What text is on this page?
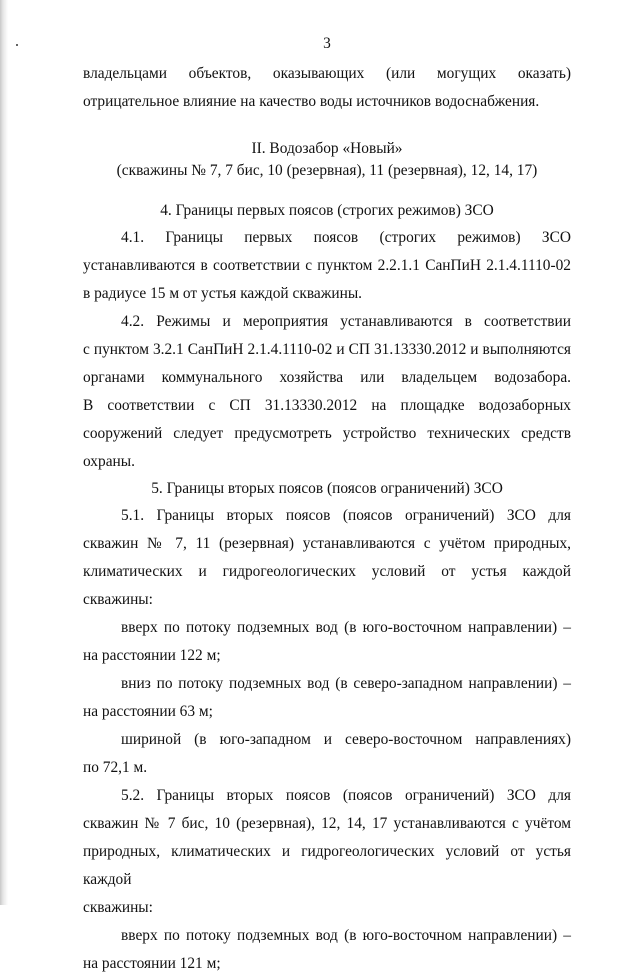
3

владельцами объектов, оказывающих (или могущих оказать)

отрицательное влияние на качество воды источников водоснабжения.

II. Водозабор «Новый»
(скважины № 7, 7 бис, 10 (резервная), 11 (резервная), 12, 14, 17)

4. Границы первых поясов (строгих режимов) ЗСО

4.1. Границы первых поясов (строгих режимов) ЗСО

устанавливаются в соответствии с пунктом 2.2.1.1 СанПиН 2.1.4.1110-02

в радиусе 15 м от устья каждой скважины.

4.2. Режимы и мероприятия устанавливаются в соответствии

с пунктом 3.2.1 СанПиН 2.1.4.1110-02 и СП 31.13330.2012 и выполняются

органами коммунального хозяйства или владельцем водозабора.

В соответствии с СП 31.13330.2012 на площадке водозаборных

сооружений следует предусмотреть устройство технических средств охраны.

5. Границы вторых поясов (поясов ограничений) ЗСО

5.1. Границы вторых поясов (поясов ограничений) ЗСО для

скважин № 7, 11 (резервная) устанавливаются с учётом природных,

климатических и гидрогеологических условий от устья каждой скважины:

вверх по потоку подземных вод (в юго-восточном направлении) –

на расстоянии 122 м;

вниз по потоку подземных вод (в северо-западном направлении) –

на расстоянии 63 м;

шириной (в юго-западном и северо-восточном направлениях)

по 72,1 м.

5.2. Границы вторых поясов (поясов ограничений) ЗСО для

скважин № 7 бис, 10 (резервная), 12, 14, 17 устанавливаются с учётом

природных, климатических и гидрогеологических условий от устья каждой

скважины:

вверх по потоку подземных вод (в юго-восточном направлении) –

на расстоянии 121 м;
